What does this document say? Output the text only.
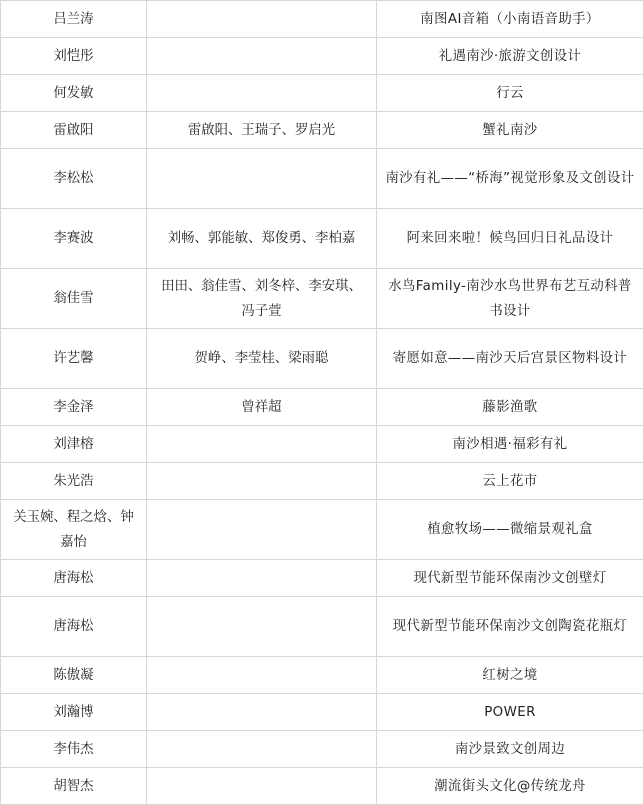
吕兰涛		南图AI音箱（小南语音助手）
刘恺彤		礼遇南沙·旅游文创设计
何发敏		行云
雷啟阳	雷啟阳、王瑞子、罗启光	蟹礼南沙
李松松		南沙有礼——“桥海”视觉形象及文创设计
李赛波	刘畅、郭能敏、郑俊勇、李柏嘉	阿来回来啦！候鸟回归日礼品设计
翁佳雪	田田、翁佳雪、刘冬梓、李安琪、冯子萱	水鸟Family-南沙水鸟世界布艺互动科普书设计
许艺馨	贺峥、李莹桂、梁雨聪	寄愿如意——南沙天后宫景区物料设计
李金泽	曾祥超	藤影渔歌
刘津榕		南沙相遇·福彩有礼
朱光浩		云上花市
关玉婉、程之焓、钟嘉怡		植愈牧场——微缩景观礼盒
唐海松		现代新型节能环保南沙文创壁灯
唐海松		现代新型节能环保南沙文创陶瓷花瓶灯
陈傲凝		红树之境
刘瀚博		POWER
李伟杰		南沙景致文创周边
胡智杰		潮流街头文化@传统龙舟
